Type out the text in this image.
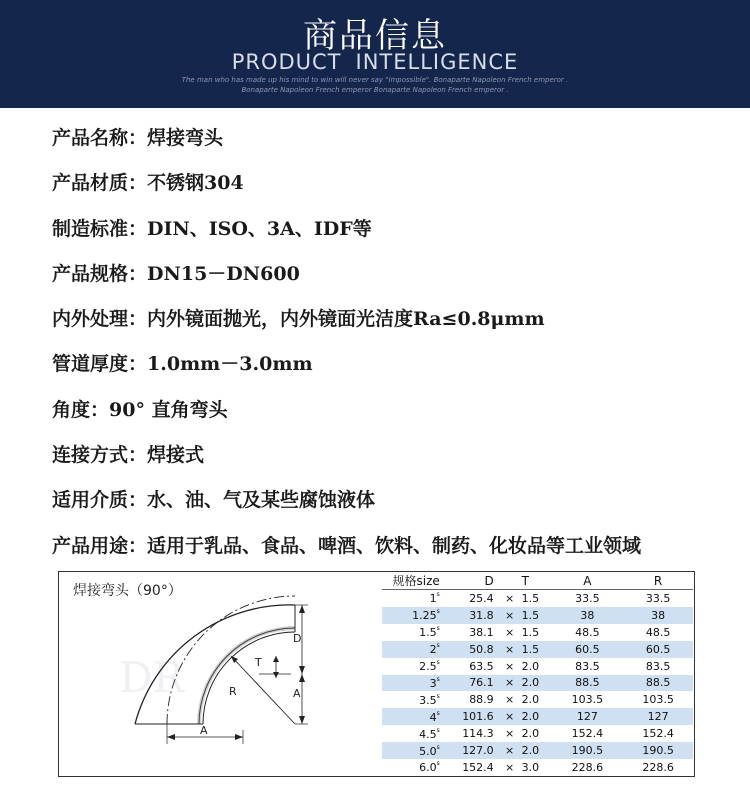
商品信息
PRODUCT INTELLIGENCE
The man who has made up his mind to win will never say "impossible". Bonaparte Napoleon French emperor .
Bonaparte Napoleon French emperor Bonaparte Napoleon French emperor .
产品名称：焊接弯头
产品材质：不锈钢304
制造标准：DIN、ISO、3A、IDF等
产品规格：DN15－DN600
内外处理：内外镜面抛光，内外镜面光洁度Ra≤0.8μmm
管道厚度：1.0mm－3.0mm
角度：90° 直角弯头
连接方式：焊接式
适用介质：水、油、气及某些腐蚀液体
产品用途：适用于乳品、食品、啤酒、饮料、制药、化妆品等工业领域
DR
焊接弯头（90°）
R
D
T
A
A
规格size	D		T	A	R
1$^s$	25.4	×	1.5	33.5	33.5
1.25$^s$	31.8	×	1.5	38	38
1.5$^s$	38.1	×	1.5	48.5	48.5
2$^s$	50.8	×	1.5	60.5	60.5
2.5$^s$	63.5	×	2.0	83.5	83.5
3$^s$	76.1	×	2.0	88.5	88.5
3.5$^s$	88.9	×	2.0	103.5	103.5
4$^s$	101.6	×	2.0	127	127
4.5$^s$	114.3	×	2.0	152.4	152.4
5.0$^s$	127.0	×	2.0	190.5	190.5
6.0$^s$	152.4	×	3.0	228.6	228.6
